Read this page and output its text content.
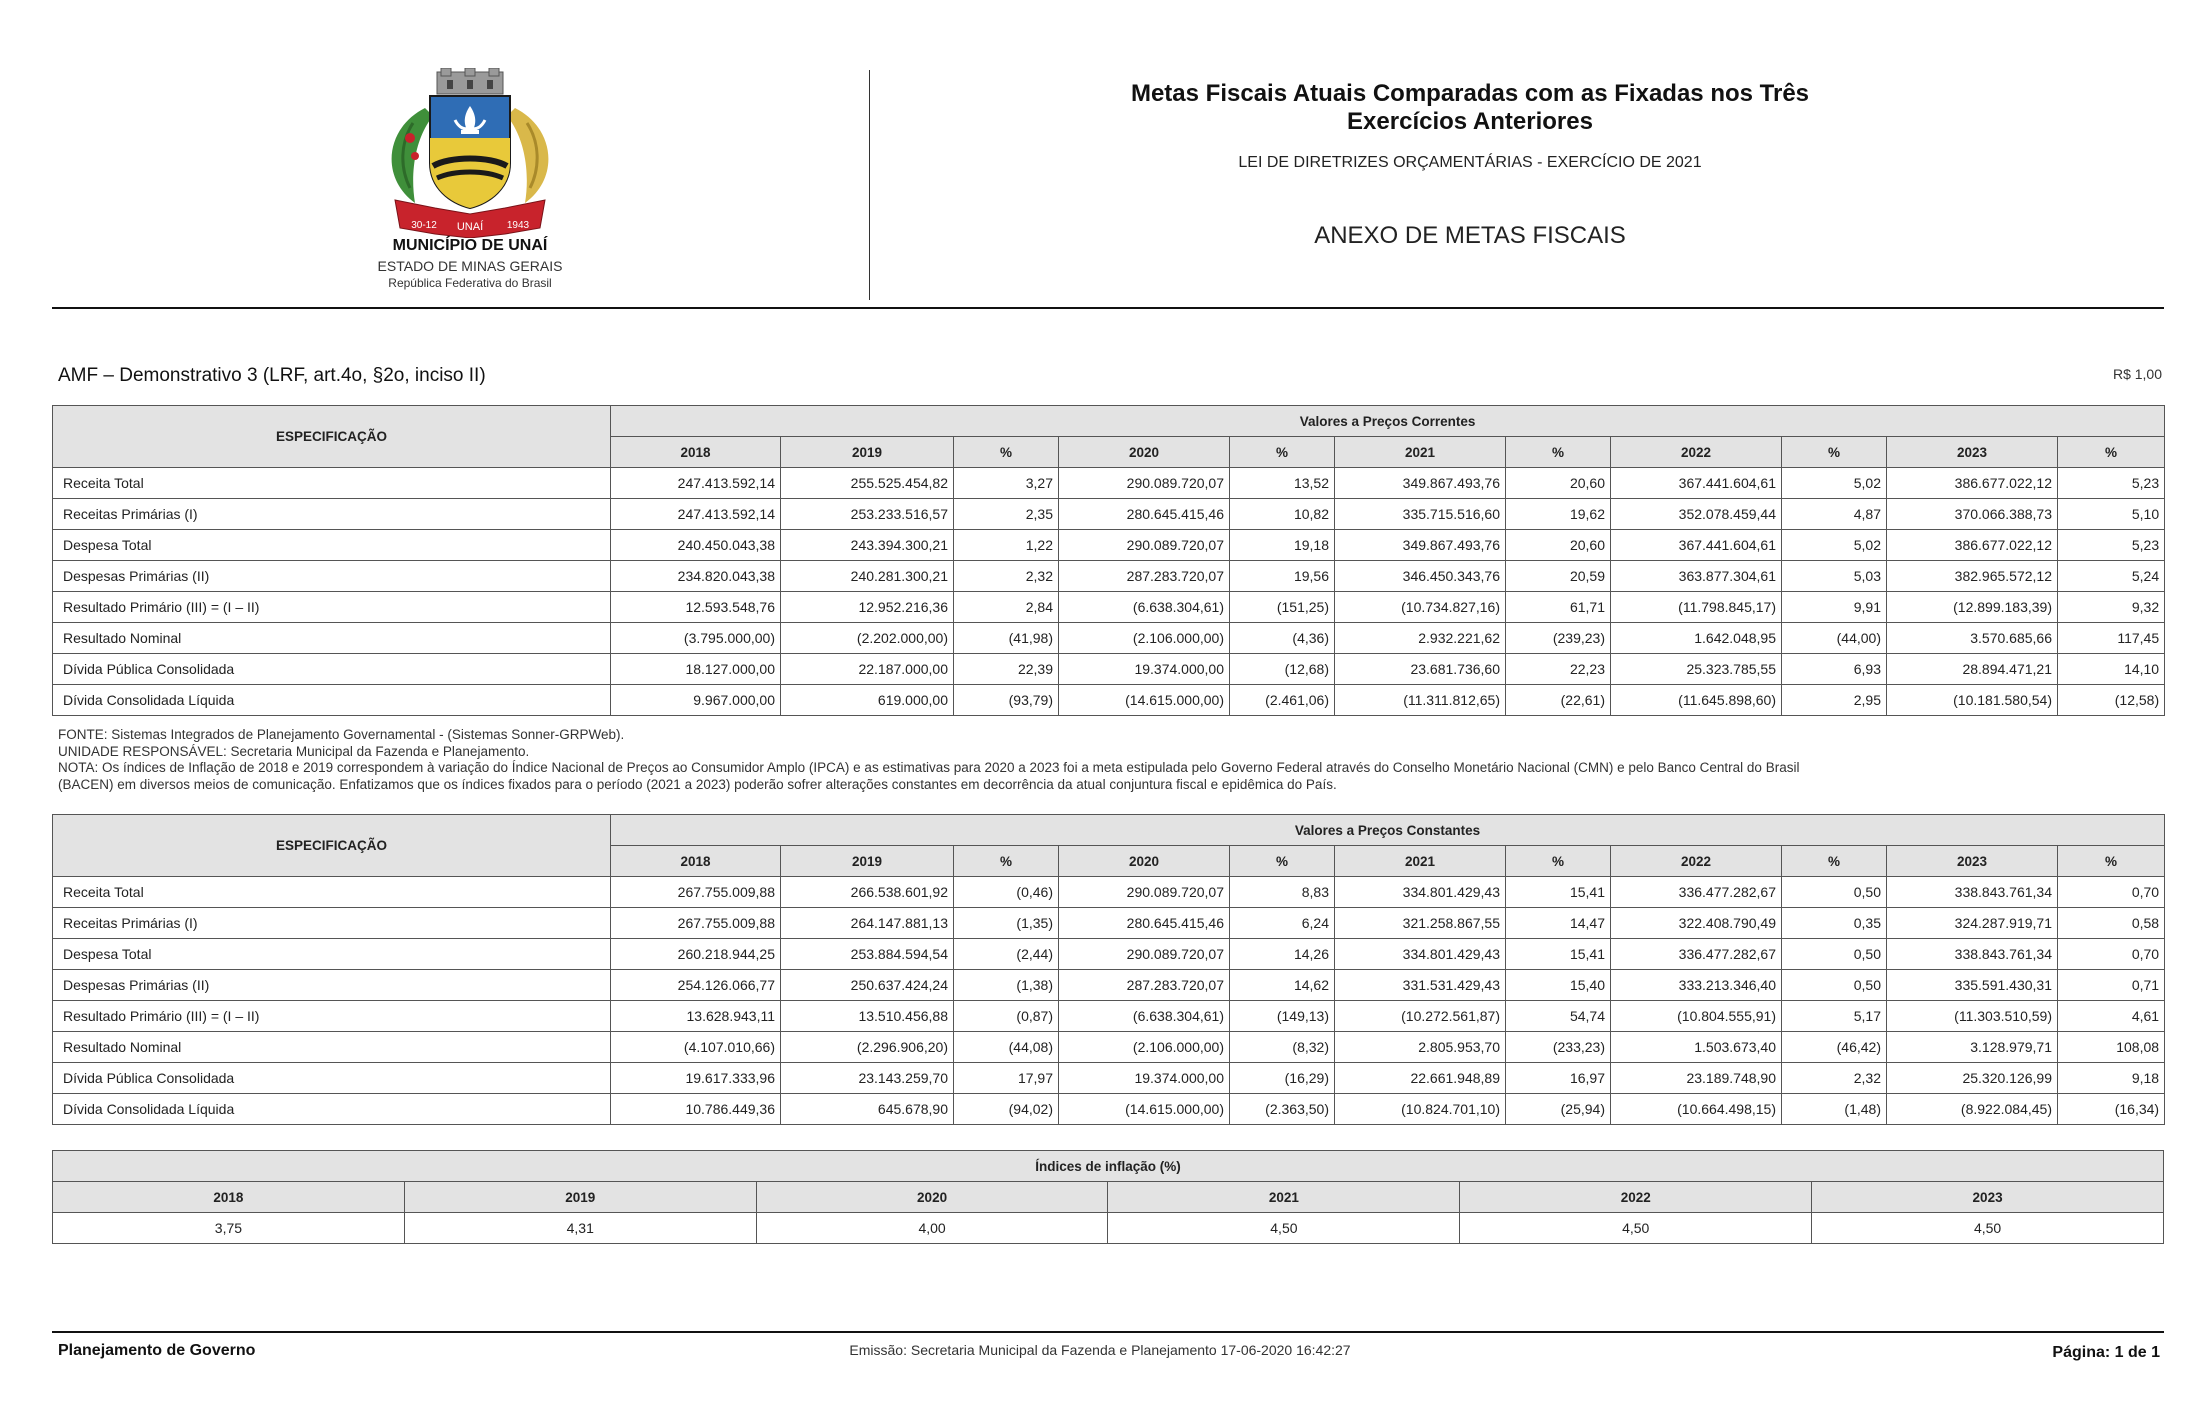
30-12 UNAÍ 1943
MUNICÍPIO DE UNAÍ
ESTADO DE MINAS GERAIS
República Federativa do Brasil
Metas Fiscais Atuais Comparadas com as Fixadas nos Três
Exercícios Anteriores
LEI DE DIRETRIZES ORÇAMENTÁRIAS - EXERCÍCIO DE 2021
ANEXO DE METAS FISCAIS
AMF – Demonstrativo 3 (LRF, art.4o, §2o, inciso II)	R$ 1,00
ESPECIFICAÇÃO	Valores a Preços Correntes										
	2018	2019	%	2020	%	2021	%	2022	%	2023	%
Receita Total	247.413.592,14	255.525.454,82	3,27	290.089.720,07	13,52	349.867.493,76	20,60	367.441.604,61	5,02	386.677.022,12	5,23
Receitas Primárias (I)	247.413.592,14	253.233.516,57	2,35	280.645.415,46	10,82	335.715.516,60	19,62	352.078.459,44	4,87	370.066.388,73	5,10
Despesa Total	240.450.043,38	243.394.300,21	1,22	290.089.720,07	19,18	349.867.493,76	20,60	367.441.604,61	5,02	386.677.022,12	5,23
Despesas Primárias (II)	234.820.043,38	240.281.300,21	2,32	287.283.720,07	19,56	346.450.343,76	20,59	363.877.304,61	5,03	382.965.572,12	5,24
Resultado Primário (III) = (I – II)	12.593.548,76	12.952.216,36	2,84	(6.638.304,61)	(151,25)	(10.734.827,16)	61,71	(11.798.845,17)	9,91	(12.899.183,39)	9,32
Resultado Nominal	(3.795.000,00)	(2.202.000,00)	(41,98)	(2.106.000,00)	(4,36)	2.932.221,62	(239,23)	1.642.048,95	(44,00)	3.570.685,66	117,45
Dívida Pública Consolidada	18.127.000,00	22.187.000,00	22,39	19.374.000,00	(12,68)	23.681.736,60	22,23	25.323.785,55	6,93	28.894.471,21	14,10
Dívida Consolidada Líquida	9.967.000,00	619.000,00	(93,79)	(14.615.000,00)	(2.461,06)	(11.311.812,65)	(22,61)	(11.645.898,60)	2,95	(10.181.580,54)	(12,58)
FONTE: Sistemas Integrados de Planejamento Governamental - (Sistemas Sonner-GRPWeb).
UNIDADE RESPONSÁVEL: Secretaria Municipal da Fazenda e Planejamento.
NOTA: Os índices de Inflação de 2018 e 2019 correspondem à variação do Índice Nacional de Preços ao Consumidor Amplo (IPCA) e as estimativas para 2020 a 2023 foi a meta estipulada pelo Governo Federal através do Conselho Monetário Nacional (CMN) e pelo Banco Central do Brasil
(BACEN) em diversos meios de comunicação. Enfatizamos que os índices fixados para o período (2021 a 2023) poderão sofrer alterações constantes em decorrência da atual conjuntura fiscal e epidêmica do País.
ESPECIFICAÇÃO	Valores a Preços Constantes										
	2018	2019	%	2020	%	2021	%	2022	%	2023	%
Receita Total	267.755.009,88	266.538.601,92	(0,46)	290.089.720,07	8,83	334.801.429,43	15,41	336.477.282,67	0,50	338.843.761,34	0,70
Receitas Primárias (I)	267.755.009,88	264.147.881,13	(1,35)	280.645.415,46	6,24	321.258.867,55	14,47	322.408.790,49	0,35	324.287.919,71	0,58
Despesa Total	260.218.944,25	253.884.594,54	(2,44)	290.089.720,07	14,26	334.801.429,43	15,41	336.477.282,67	0,50	338.843.761,34	0,70
Despesas Primárias (II)	254.126.066,77	250.637.424,24	(1,38)	287.283.720,07	14,62	331.531.429,43	15,40	333.213.346,40	0,50	335.591.430,31	0,71
Resultado Primário (III) = (I – II)	13.628.943,11	13.510.456,88	(0,87)	(6.638.304,61)	(149,13)	(10.272.561,87)	54,74	(10.804.555,91)	5,17	(11.303.510,59)	4,61
Resultado Nominal	(4.107.010,66)	(2.296.906,20)	(44,08)	(2.106.000,00)	(8,32)	2.805.953,70	(233,23)	1.503.673,40	(46,42)	3.128.979,71	108,08
Dívida Pública Consolidada	19.617.333,96	23.143.259,70	17,97	19.374.000,00	(16,29)	22.661.948,89	16,97	23.189.748,90	2,32	25.320.126,99	9,18
Dívida Consolidada Líquida	10.786.449,36	645.678,90	(94,02)	(14.615.000,00)	(2.363,50)	(10.824.701,10)	(25,94)	(10.664.498,15)	(1,48)	(8.922.084,45)	(16,34)
Índices de inflação (%)					
2018	2019	2020	2021	2022	2023
3,75	4,31	4,00	4,50	4,50	4,50
Planejamento de Governo	Emissão: Secretaria Municipal da Fazenda e Planejamento 17-06-2020 16:42:27	Página: 1 de 1
